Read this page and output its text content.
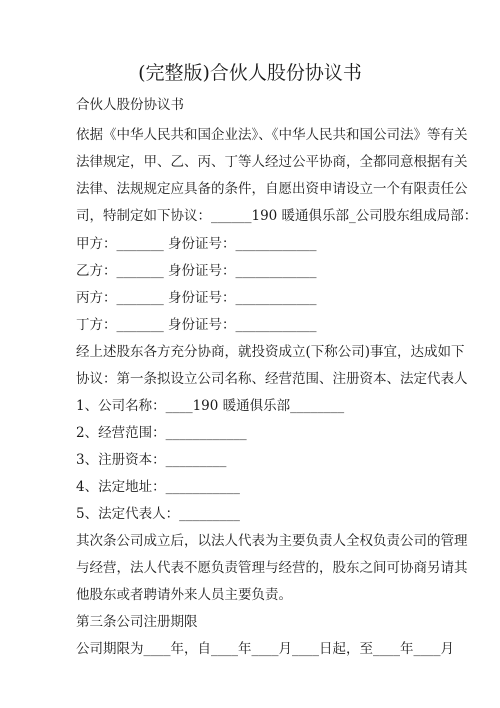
(完整版)合伙人股份协议书
合伙人股份协议书
依据《中华人民共和国企业法》、《中华人民共和国公司法》等有关
法律规定，甲、乙、丙、丁等人经过公平协商，全都同意根据有关
法律、法规规定应具备的条件，自愿出资申请设立一个有限责任公
司，特制定如下协议：______190 暖通俱乐部_公司股东组成局部：
甲方：_______ 身份证号：____________
乙方：_______ 身份证号：____________
丙方：_______ 身份证号：____________
丁方：_______ 身份证号：____________
经上述股东各方充分协商，就投资成立(下称公司)事宜，达成如下
协议：第一条拟设立公司名称、经营范围、注册资本、法定代表人
1、公司名称：____190 暖通俱乐部________
2、经营范围：____________
3、注册资本：_________
4、法定地址：___________
5、法定代表人：_________
其次条公司成立后，以法人代表为主要负责人全权负责公司的管理
与经营，法人代表不愿负责管理与经营的，股东之间可协商另请其
他股东或者聘请外来人员主要负责。
第三条公司注册期限
公司期限为____年，自____年____月____日起，至____年____月
